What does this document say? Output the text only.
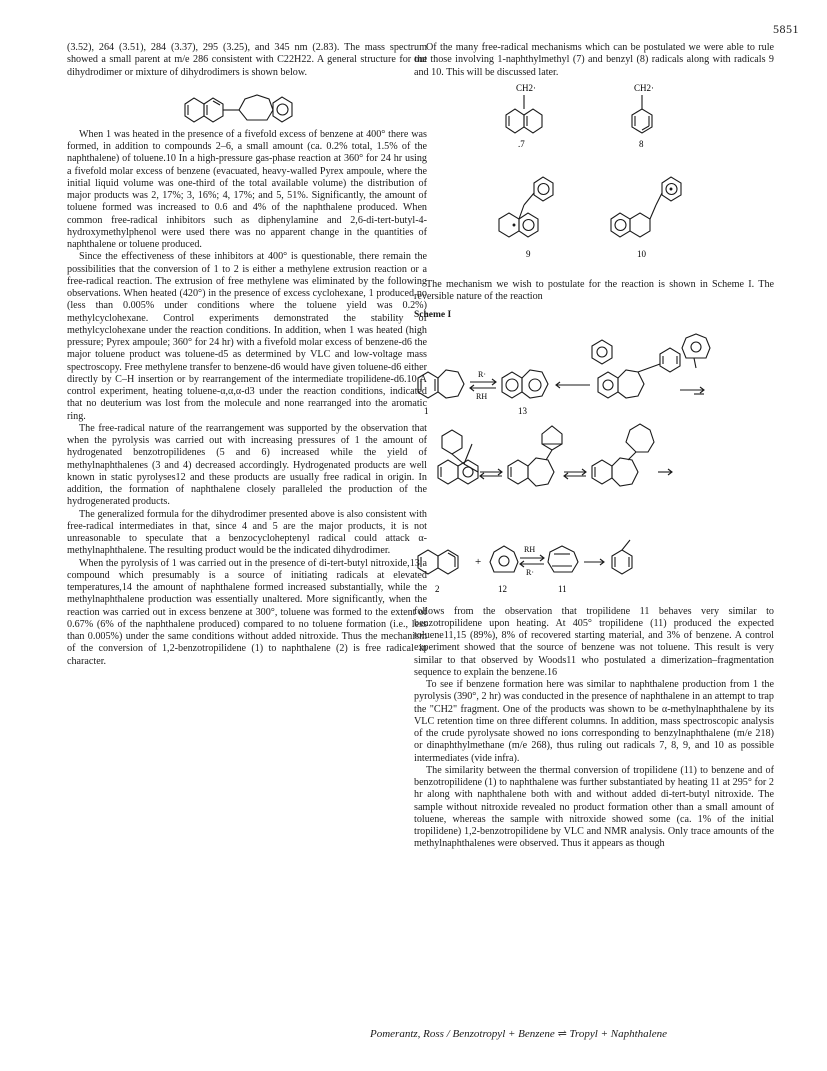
5851

(3.52), 264 (3.51), 284 (3.37), 295 (3.25), and 345 nm (2.83). The mass spectrum showed a small parent at m/e 286 consistent with C22H22. A general structure for the dihydrodimer or mixture of dihydrodimers is shown below.

When 1 was heated in the presence of a fivefold excess of benzene at 400° there was formed, in addition to compounds 2–6, a small amount (ca. 0.2% total, 1.5% of the naphthalene) of toluene.10 In a high-pressure gas-phase reaction at 360° for 24 hr using a fivefold molar excess of benzene (evacuated, heavy-walled Pyrex ampoule, where the initial liquid volume was one-third of the total available volume) the distribution of major products was 2, 17%; 3, 16%; 4, 17%; and 5, 51%. Significantly, the amount of toluene formed was increased to 0.6 and 4% of the naphthalene produced. When common free-radical inhibitors such as diphenylamine and 2,6-di-tert-butyl-4-hydroxymethylphenol were used there was no apparent change in the quantities of naphthalene or toluene produced.

Since the effectiveness of these inhibitors at 400° is questionable, there remain the possibilities that the conversion of 1 to 2 is either a methylene extrusion reaction or a free-radical reaction. The extrusion of free methylene was eliminated by the following observations. When heated (420°) in the presence of excess cyclohexane, 1 produced no (less than 0.005% under conditions where the toluene yield was 0.2%) methylcyclohexane. Control experiments demonstrated the stability of methylcyclohexane under the reaction conditions. In addition, when 1 was heated (high pressure; Pyrex ampoule; 360° for 24 hr) with a fivefold molar excess of benzene-d6 the major toluene product was toluene-d5 as determined by VLC and low-voltage mass spectroscopy. Free methylene transfer to benzene-d6 would have given toluene-d6 either directly by C–H insertion or by rearrangement of the intermediate tropilidene-d6.10 A control experiment, heating toluene-α,α,α-d3 under the reaction conditions, indicated that no deuterium was lost from the molecule and none rearranged into the aromatic ring.

The free-radical nature of the rearrangement was supported by the observation that when the pyrolysis was carried out with increasing pressures of 1 the amount of hydrogenated benzotropilidenes (5 and 6) increased while the yield of methylnaphthalenes (3 and 4) decreased accordingly. Hydrogenated products are well known in static pyrolyses12 and these products are usually free radical in origin. In addition, the formation of naphthalene closely paralleled the production of the hydrogenerated products.

The generalized formula for the dihydrodimer presented above is also consistent with free-radical intermediates in that, since 4 and 5 are the major products, it is not unreasonable to speculate that a benzocycloheptenyl radical could attack α-methylnaphthalene. The resulting product would be the indicated dihydrodimer.

When the pyrolysis of 1 was carried out in the presence of di-tert-butyl nitroxide,13 a compound which presumably is a source of initiating radicals at elevated temperatures,14 the amount of naphthalene formed increased substantially, while the methylnaphthalene production was essentially unaltered. More significantly, when the reaction was carried out in excess benzene at 300°, toluene was formed to the extent of 0.67% (6% of the naphthalene produced) compared to no toluene formation (i.e., less than 0.005%) under the same conditions without added nitroxide. Thus the mechanism of the conversion of 1,2-benzotropilidene (1) to naphthalene (2) is free radical in character.

Of the many free-radical mechanisms which can be postulated we were able to rule out those involving 1-naphthylmethyl (7) and benzyl (8) radicals along with radicals 9 and 10. This will be discussed later.

CH2·	CH2·
.7	8
9	10

The mechanism we wish to postulate for the reaction is shown in Scheme I. The reversible nature of the reaction

Scheme I
R·
RH
1	13
+
RH
R·
2	12	11

follows from the observation that tropilidene 11 behaves very similar to benzotropilidene upon heating. At 405° tropilidene (11) produced the expected toluene11,15 (89%), 8% of recovered starting material, and 3% of benzene. A control experiment showed that the source of benzene was not toluene. This result is very similar to that observed by Woods11 who postulated a dimerization–fragmentation sequence to explain the benzene.16

To see if benzene formation here was similar to naphthalene production from 1 the pyrolysis (390°, 2 hr) was conducted in the presence of naphthalene in an attempt to trap the "CH2" fragment. One of the products was shown to be α-methylnaphthalene by its VLC retention time on three different columns. In addition, mass spectroscopic analysis of the crude pyrolysate showed no ions corresponding to benzylnaphthalene (m/e 218) or dinaphthylmethane (m/e 268), thus ruling out radicals 7, 8, 9, and 10 as possible intermediates (vide infra).

The similarity between the thermal conversion of tropilidene (11) to benzene and of benzotropilidene (1) to naphthalene was further substantiated by heating 11 at 295° for 2 hr along with naphthalene both with and without added di-tert-butyl nitroxide. The sample without nitroxide revealed no product formation other than a small amount of toluene, whereas the sample with nitroxide showed some (ca. 1% of the initial tropilidene) 1,2-benzotropilidene by VLC and NMR analysis. Only trace amounts of the methylnaphthalenes were observed. Thus it appears as though

Pomerantz, Ross / Benzotropyl + Benzene ⇌ Tropyl + Naphthalene
